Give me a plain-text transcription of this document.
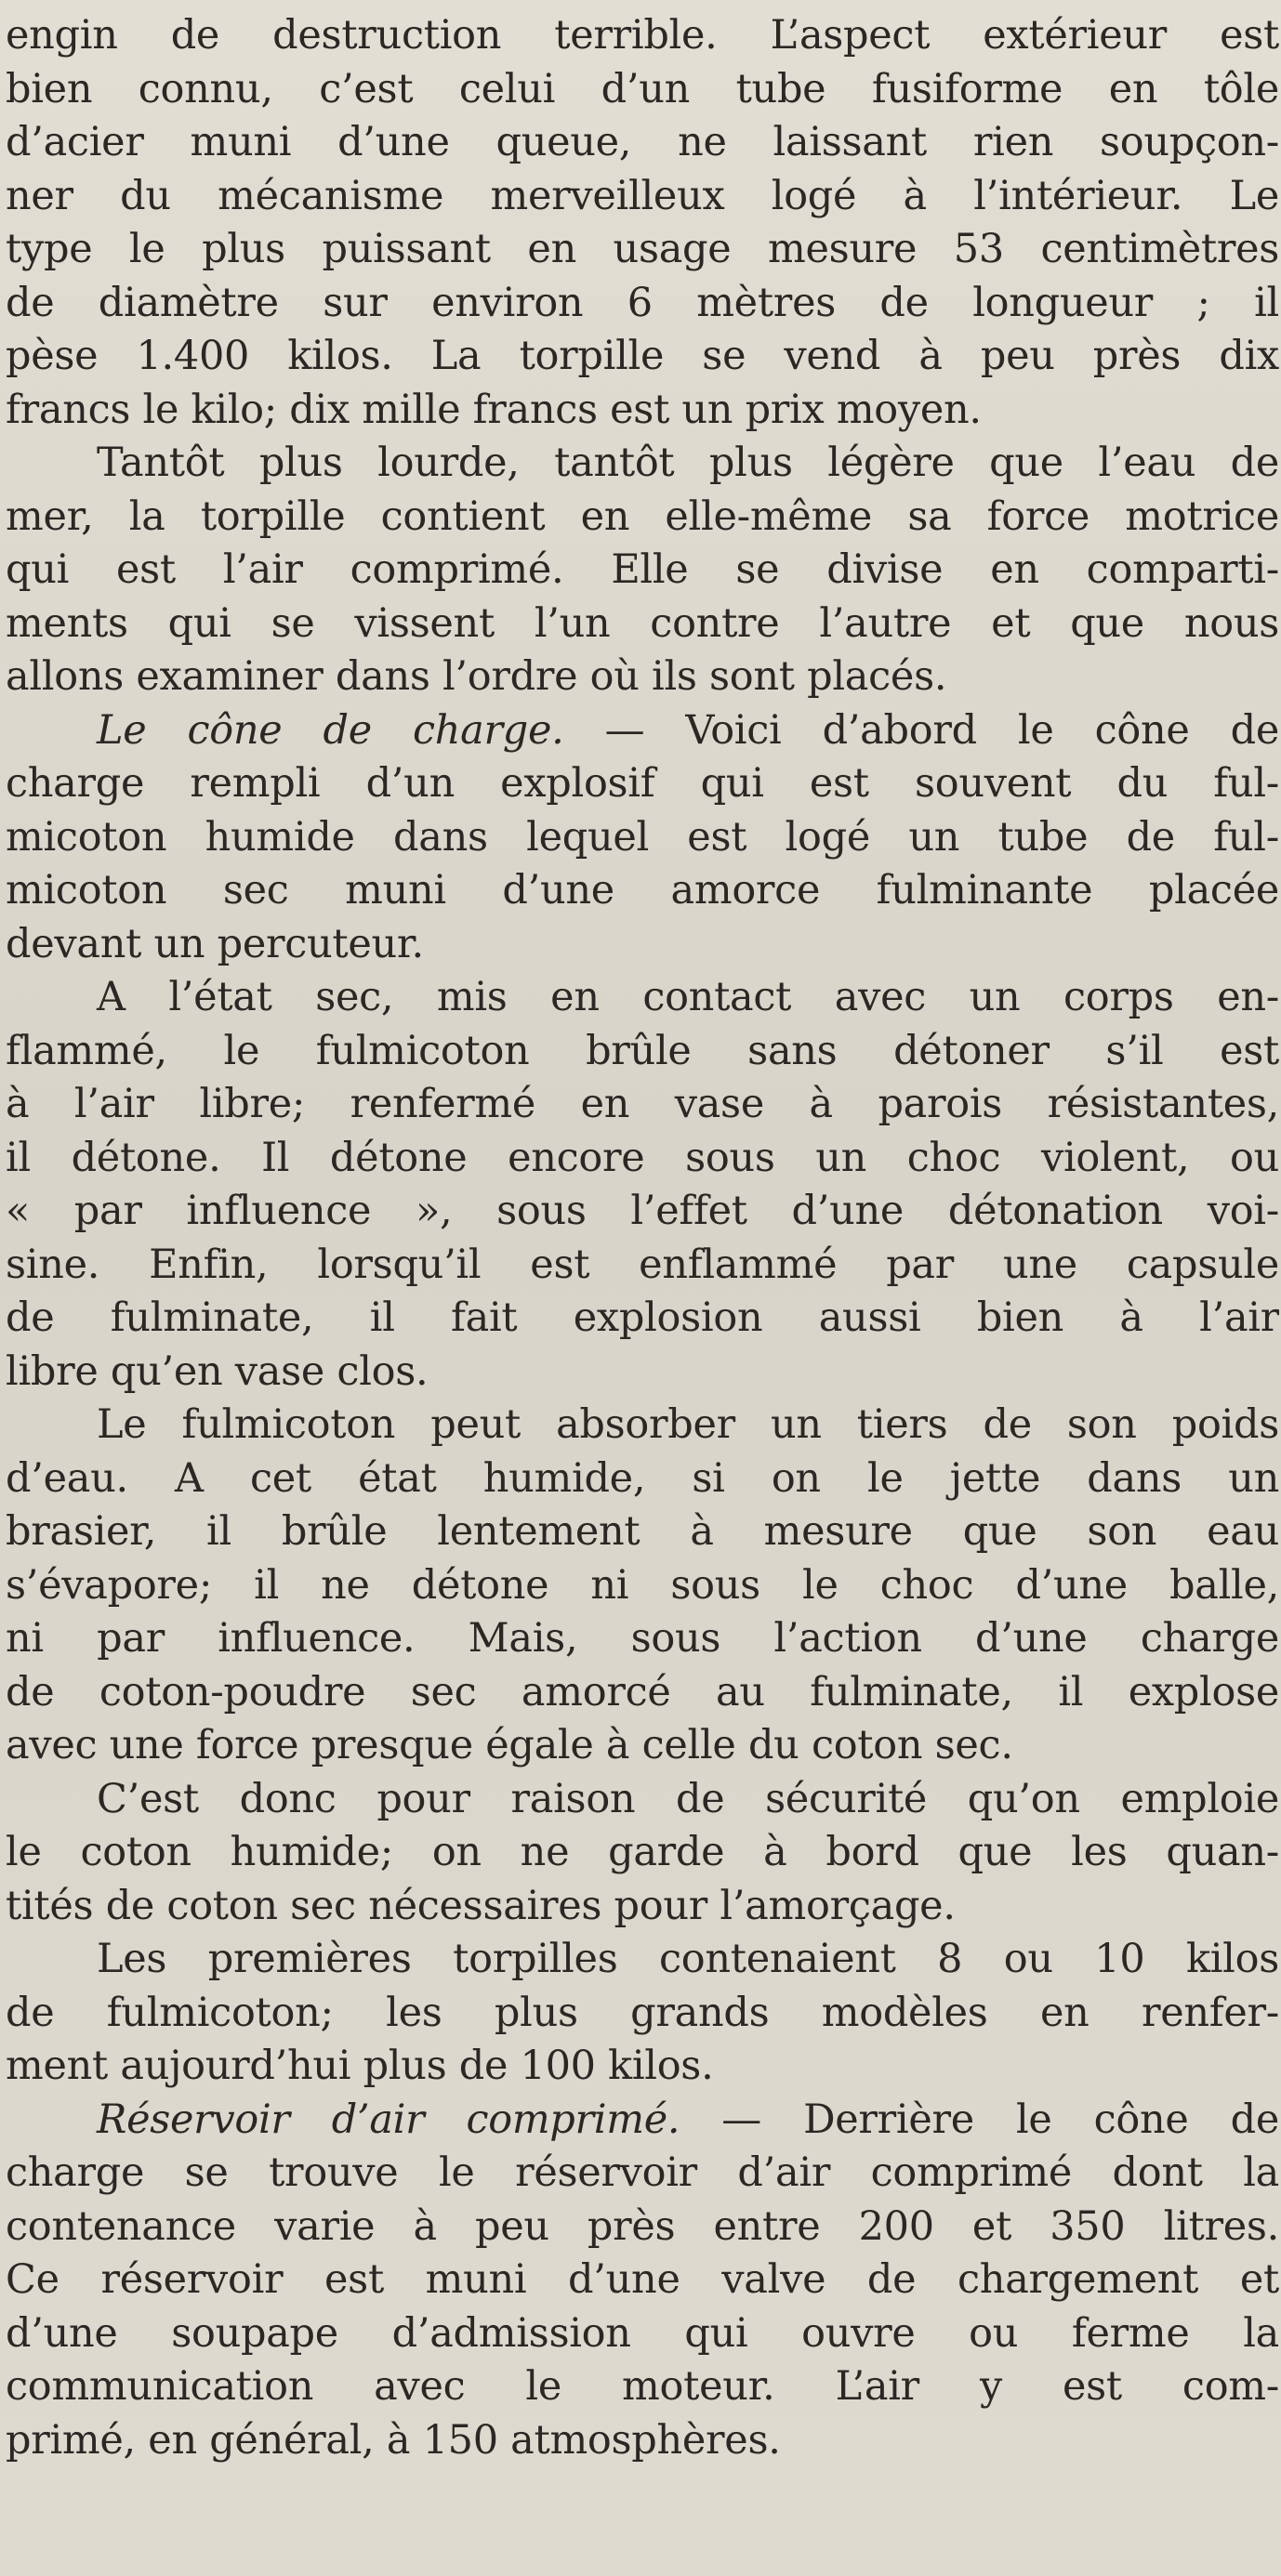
engin de destruction terrible. L’aspect extérieur est
bien connu, c’est celui d’un tube fusiforme en tôle
d’acier muni d’une queue, ne laissant rien soupçon-
ner du mécanisme merveilleux logé à l’intérieur. Le
type le plus puissant en usage mesure 53 centimètres
de diamètre sur environ 6 mètres de longueur ; il
pèse 1.400 kilos. La torpille se vend à peu près dix
francs le kilo; dix mille francs est un prix moyen.
Tantôt plus lourde, tantôt plus légère que l’eau de
mer, la torpille contient en elle-même sa force motrice
qui est l’air comprimé. Elle se divise en comparti-
ments qui se vissent l’un contre l’autre et que nous
allons examiner dans l’ordre où ils sont placés.
Le cône de charge. — Voici d’abord le cône de
charge rempli d’un explosif qui est souvent du ful-
micoton humide dans lequel est logé un tube de ful-
micoton sec muni d’une amorce fulminante placée
devant un percuteur.
A l’état sec, mis en contact avec un corps en-
flammé, le fulmicoton brûle sans détoner s’il est
à l’air libre; renfermé en vase à parois résistantes,
il détone. Il détone encore sous un choc violent, ou
« par influence », sous l’effet d’une détonation voi-
sine. Enfin, lorsqu’il est enflammé par une capsule
de fulminate, il fait explosion aussi bien à l’air
libre qu’en vase clos.
Le fulmicoton peut absorber un tiers de son poids
d’eau. A cet état humide, si on le jette dans un
brasier, il brûle lentement à mesure que son eau
s’évapore; il ne détone ni sous le choc d’une balle,
ni par influence. Mais, sous l’action d’une charge
de coton-poudre sec amorcé au fulminate, il explose
avec une force presque égale à celle du coton sec.
C’est donc pour raison de sécurité qu’on emploie
le coton humide; on ne garde à bord que les quan-
tités de coton sec nécessaires pour l’amorçage.
Les premières torpilles contenaient 8 ou 10 kilos
de fulmicoton; les plus grands modèles en renfer-
ment aujourd’hui plus de 100 kilos.
Réservoir d’air comprimé. — Derrière le cône de
charge se trouve le réservoir d’air comprimé dont la
contenance varie à peu près entre 200 et 350 litres.
Ce réservoir est muni d’une valve de chargement et
d’une soupape d’admission qui ouvre ou ferme la
communication avec le moteur. L’air y est com-
primé, en général, à 150 atmosphères.
